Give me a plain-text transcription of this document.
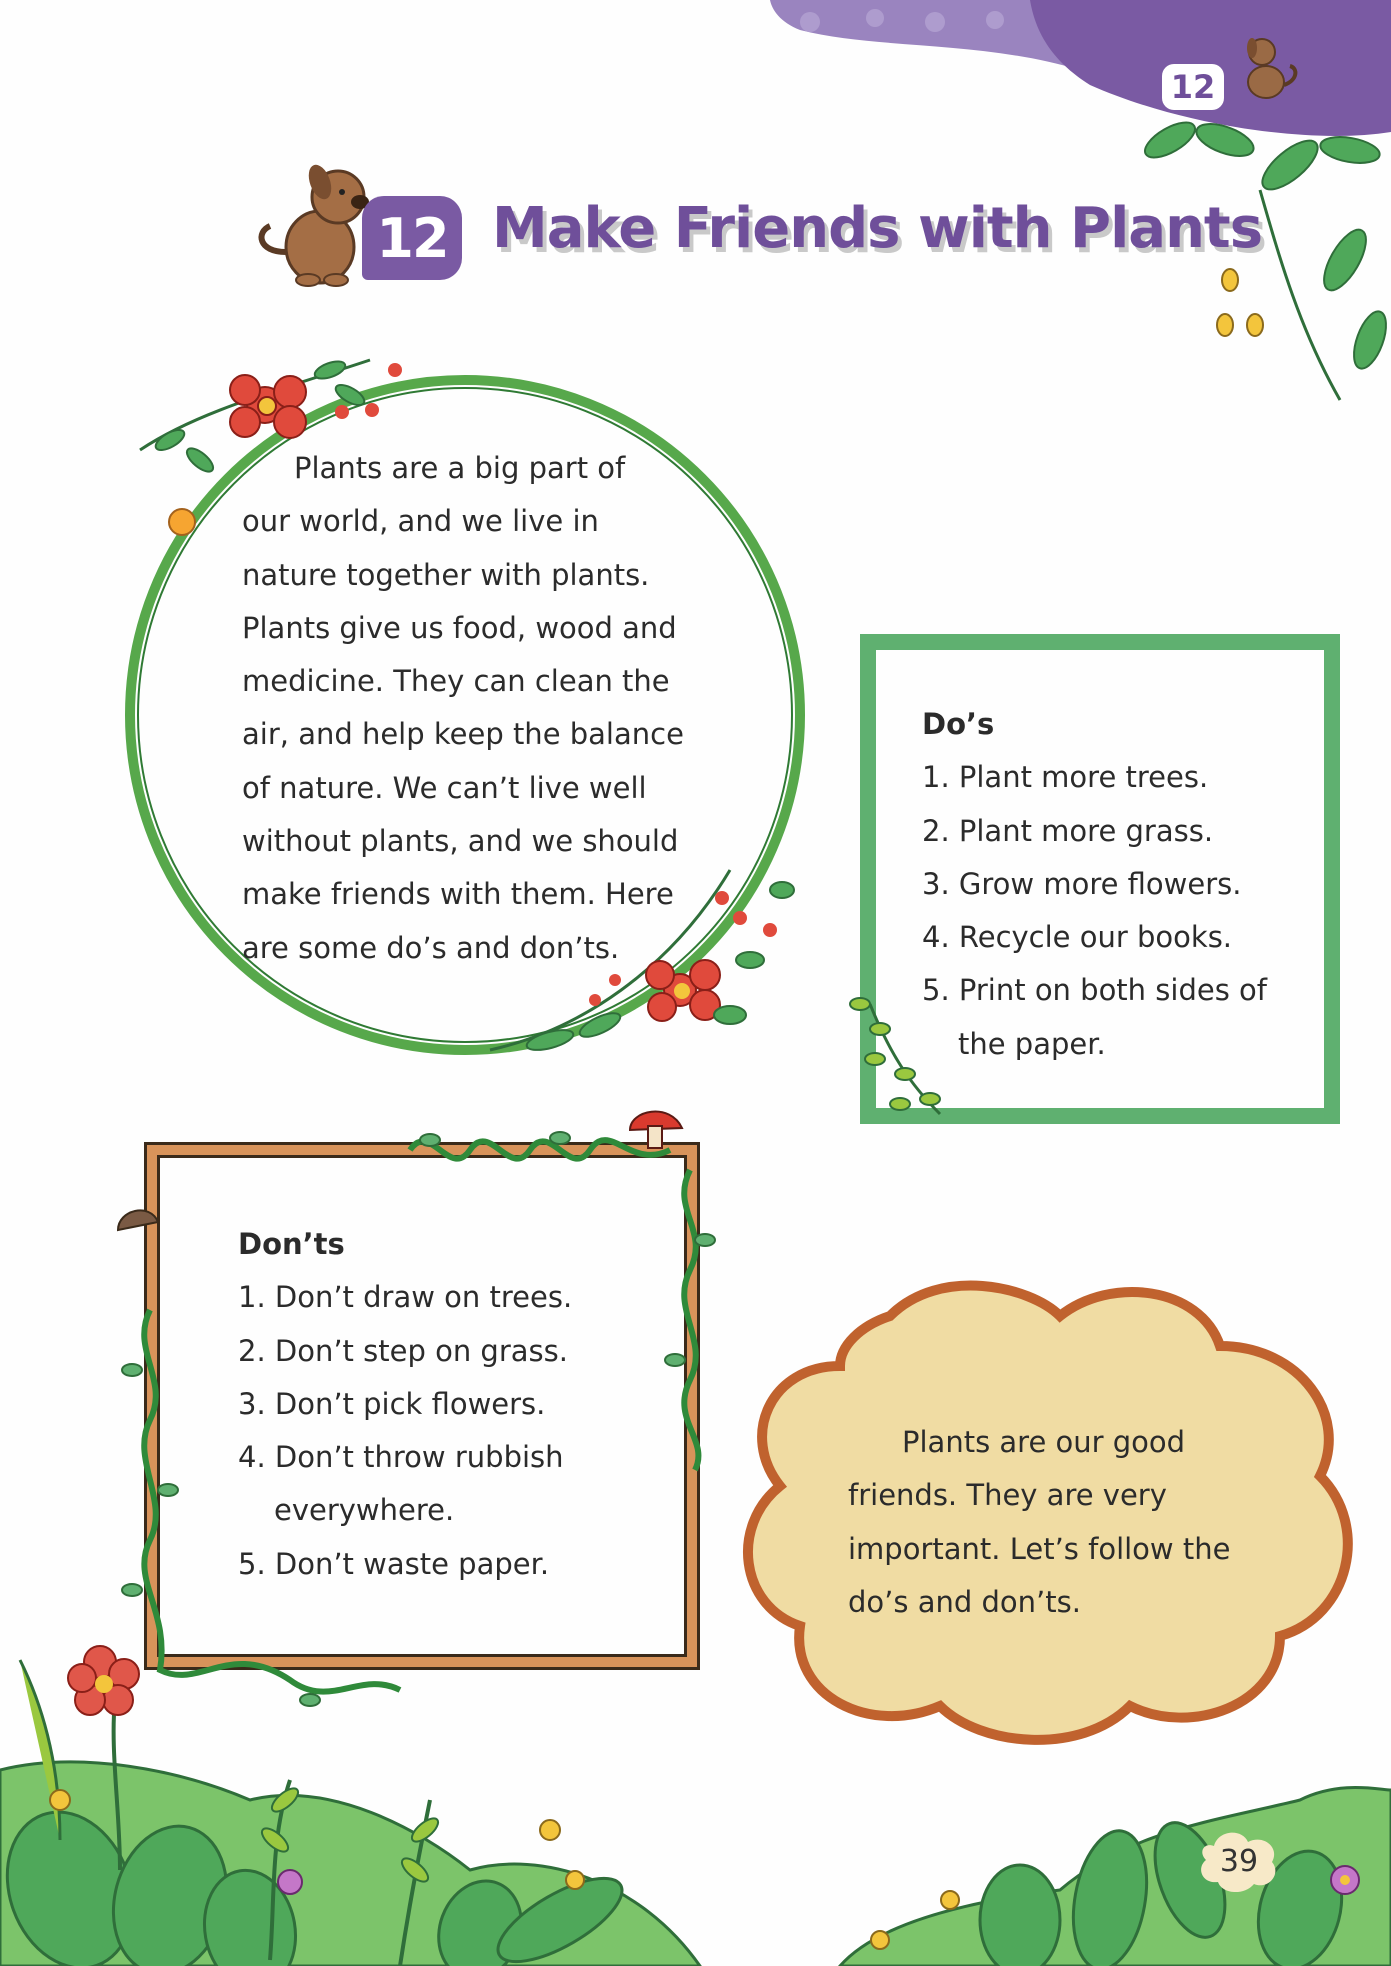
12
12 Make Friends with Plants
Plants are a big part of
our world, and we live in
nature together with plants.
Plants give us food, wood and
medicine. They can clean the
air, and help keep the balance
of nature. We can’t live well
without plants, and we should
make friends with them. Here
are some do’s and don’ts.
Do’s
1. Plant more trees.
2. Plant more grass.
3. Grow more flowers.
4. Recycle our books.
5. Print on both sides of the paper.
Don’ts
1. Don’t draw on trees.
2. Don’t step on grass.
3. Don’t pick flowers.
4. Don’t throw rubbish everywhere.
5. Don’t waste paper.
Plants are our good
friends. They are very
important. Let’s follow the
do’s and don’ts.
39
